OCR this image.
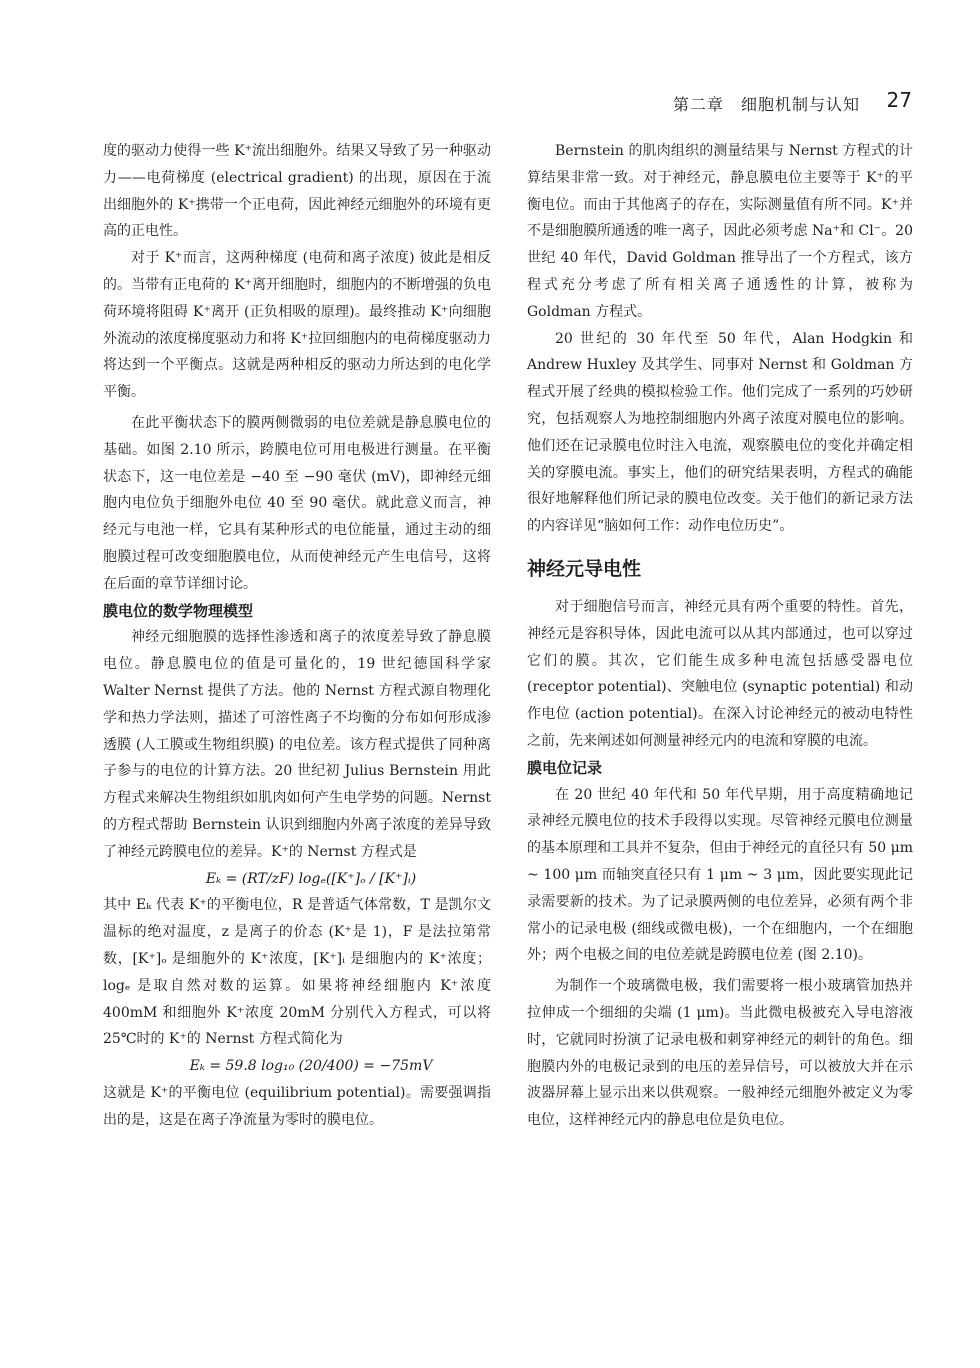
第二章　细胞机制与认知 27

度的驱动力使得一些 K⁺流出细胞外。结果又导致了另一种驱动力——电荷梯度 (electrical gradient) 的出现，原因在于流出细胞外的 K⁺携带一个正电荷，因此神经元细胞外的环境有更高的正电性。

对于 K⁺而言，这两种梯度 (电荷和离子浓度) 彼此是相反的。当带有正电荷的 K⁺离开细胞时，细胞内的不断增强的负电荷环境将阻碍 K⁺离开 (正负相吸的原理)。最终推动 K⁺向细胞外流动的浓度梯度驱动力和将 K⁺拉回细胞内的电荷梯度驱动力将达到一个平衡点。这就是两种相反的驱动力所达到的电化学平衡。

在此平衡状态下的膜两侧微弱的电位差就是静息膜电位的基础。如图 2.10 所示，跨膜电位可用电极进行测量。在平衡状态下，这一电位差是 −40 至 −90 毫伏 (mV)，即神经元细胞内电位负于细胞外电位 40 至 90 毫伏。就此意义而言，神经元与电池一样，它具有某种形式的电位能量，通过主动的细胞膜过程可改变细胞膜电位，从而使神经元产生电信号，这将在后面的章节详细讨论。

膜电位的数学物理模型

神经元细胞膜的选择性渗透和离子的浓度差导致了静息膜电位。静息膜电位的值是可量化的，19 世纪德国科学家 Walter Nernst 提供了方法。他的 Nernst 方程式源自物理化学和热力学法则，描述了可溶性离子不均衡的分布如何形成渗透膜 (人工膜或生物组织膜) 的电位差。该方程式提供了同种离子参与的电位的计算方法。20 世纪初 Julius Bernstein 用此方程式来解决生物组织如肌肉如何产生电学势的问题。Nernst 的方程式帮助 Bernstein 认识到细胞内外离子浓度的差异导致了神经元跨膜电位的差异。K⁺的 Nernst 方程式是

Eₖ = (RT/zF) logₑ([K⁺]ₒ / [K⁺]ᵢ)

其中 Eₖ 代表 K⁺的平衡电位，R 是普适气体常数，T 是凯尔文温标的绝对温度，z 是离子的价态 (K⁺是 1)，F 是法拉第常数，[K⁺]ₒ 是细胞外的 K⁺浓度，[K⁺]ᵢ 是细胞内的 K⁺浓度；logₑ 是取自然对数的运算。如果将神经细胞内 K⁺浓度 400mM 和细胞外 K⁺浓度 20mM 分别代入方程式，可以将 25℃时的 K⁺的 Nernst 方程式简化为

Eₖ = 59.8 log₁₀ (20/400) = −75mV

这就是 K⁺的平衡电位 (equilibrium potential)。需要强调指出的是，这是在离子净流量为零时的膜电位。

Bernstein 的肌肉组织的测量结果与 Nernst 方程式的计算结果非常一致。对于神经元，静息膜电位主要等于 K⁺的平衡电位。而由于其他离子的存在，实际测量值有所不同。K⁺并不是细胞膜所通透的唯一离子，因此必须考虑 Na⁺和 Cl⁻。20 世纪 40 年代，David Goldman 推导出了一个方程式，该方程式充分考虑了所有相关离子通透性的计算，被称为 Goldman 方程式。

20 世纪的 30 年代至 50 年代，Alan Hodgkin 和 Andrew Huxley 及其学生、同事对 Nernst 和 Goldman 方程式开展了经典的模拟检验工作。他们完成了一系列的巧妙研究，包括观察人为地控制细胞内外离子浓度对膜电位的影响。他们还在记录膜电位时注入电流，观察膜电位的变化并确定相关的穿膜电流。事实上，他们的研究结果表明，方程式的确能很好地解释他们所记录的膜电位改变。关于他们的新记录方法的内容详见“脑如何工作：动作电位历史”。

神经元导电性

对于细胞信号而言，神经元具有两个重要的特性。首先，神经元是容积导体，因此电流可以从其内部通过，也可以穿过它们的膜。其次，它们能生成多种电流包括感受器电位 (receptor potential)、突触电位 (synaptic potential) 和动作电位 (action potential)。在深入讨论神经元的被动电特性之前，先来阐述如何测量神经元内的电流和穿膜的电流。

膜电位记录

在 20 世纪 40 年代和 50 年代早期，用于高度精确地记录神经元膜电位的技术手段得以实现。尽管神经元膜电位测量的基本原理和工具并不复杂，但由于神经元的直径只有 50 μm ~ 100 μm 而轴突直径只有 1 μm ~ 3 μm，因此要实现此记录需要新的技术。为了记录膜两侧的电位差异，必须有两个非常小的记录电极 (细线或微电极)，一个在细胞内，一个在细胞外；两个电极之间的电位差就是跨膜电位差 (图 2.10)。

为制作一个玻璃微电极，我们需要将一根小玻璃管加热并拉伸成一个细细的尖端 (1 μm)。当此微电极被充入导电溶液时，它就同时扮演了记录电极和刺穿神经元的刺针的角色。细胞膜内外的电极记录到的电压的差异信号，可以被放大并在示波器屏幕上显示出来以供观察。一般神经元细胞外被定义为零电位，这样神经元内的静息电位是负电位。
